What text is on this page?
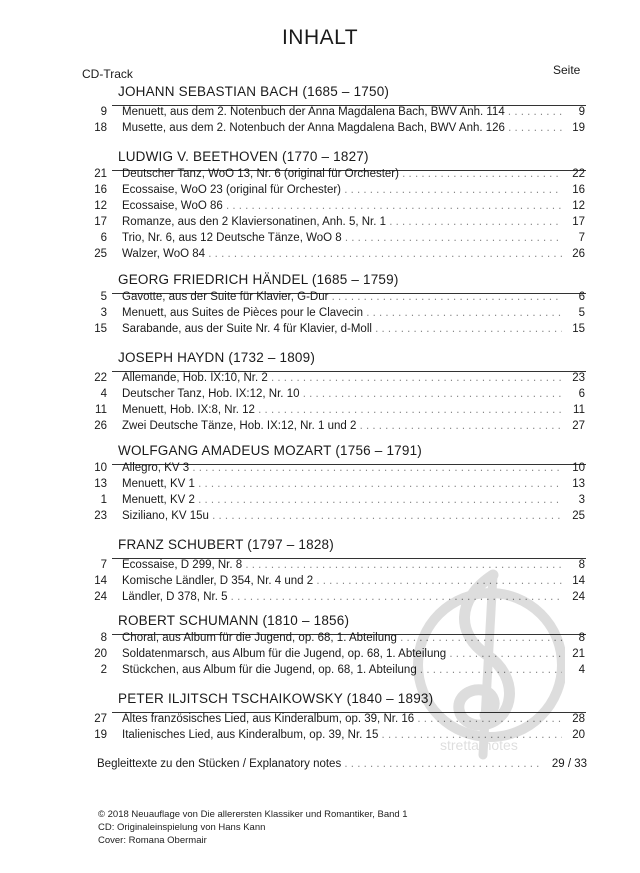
INHALT
CD-Track	Seite
JOHANN SEBASTIAN BACH (1685 – 1750)
9 Menuett, aus dem 2. Notenbuch der Anna Magdalena Bach, BWV Anh. 114 . . .	9
18 Musette, aus dem 2. Notenbuch der Anna Magdalena Bach, BWV Anh. 126 . . .	19
LUDWIG V. BEETHOVEN (1770 – 1827)
21 Deutscher Tanz, WoO 13, Nr. 6 (original für Orchester) . . .	22
16 Ecossaise, WoO 23 (original für Orchester) . . .	16
12 Ecossaise, WoO 86 . . .	12
17 Romanze, aus den 2 Klaviersonatinen, Anh. 5, Nr. 1 . . .	17
6 Trio, Nr. 6, aus 12 Deutsche Tänze, WoO 8 . . .	7
25 Walzer, WoO 84 . . .	26
GEORG FRIEDRICH HÄNDEL (1685 – 1759)
5 Gavotte, aus der Suite für Klavier, G-Dur . . .	6
3 Menuett, aus Suites de Pièces pour le Clavecin . . .	5
15 Sarabande, aus der Suite Nr. 4 für Klavier, d-Moll . . .	15
JOSEPH HAYDN (1732 – 1809)
22 Allemande, Hob. IX:10, Nr. 2 . . .	23
4 Deutscher Tanz, Hob. IX:12, Nr. 10 . . .	6
11 Menuett, Hob. IX:8, Nr. 12 . . .	11
26 Zwei Deutsche Tänze, Hob. IX:12, Nr. 1 und 2 . . .	27
WOLFGANG AMADEUS MOZART (1756 – 1791)
10 Allegro, KV 3 . . .	10
13 Menuett, KV 1 . . .	13
1 Menuett, KV 2 . . .	3
23 Siziliano, KV 15u . . .	25
FRANZ SCHUBERT (1797 – 1828)
7 Ecossaise, D 299, Nr. 8 . . .	8
14 Komische Ländler, D 354, Nr. 4 und 2 . . .	14
24 Ländler, D 378, Nr. 5 . . .	24
ROBERT SCHUMANN (1810 – 1856)
8 Choral, aus Album für die Jugend, op. 68, 1. Abteilung . . .	8
20 Soldatenmarsch, aus Album für die Jugend, op. 68, 1. Abteilung . . .	21
2 Stückchen, aus Album für die Jugend, op. 68, 1. Abteilung . . .	4
PETER ILJITSCH TSCHAIKOWSKY (1840 – 1893)
27 Altes französisches Lied, aus Kinderalbum, op. 39, Nr. 16 . . .	28
19 Italienisches Lied, aus Kinderalbum, op. 39, Nr. 15 . . .	20
Begleittexte zu den Stücken / Explanatory notes . . .	29 / 33
© 2018 Neuauflage von Die allerersten Klassiker und Romantiker, Band 1
CD: Originaleinspielung von Hans Kann
Cover: Romana Obermair
stretta-notes
